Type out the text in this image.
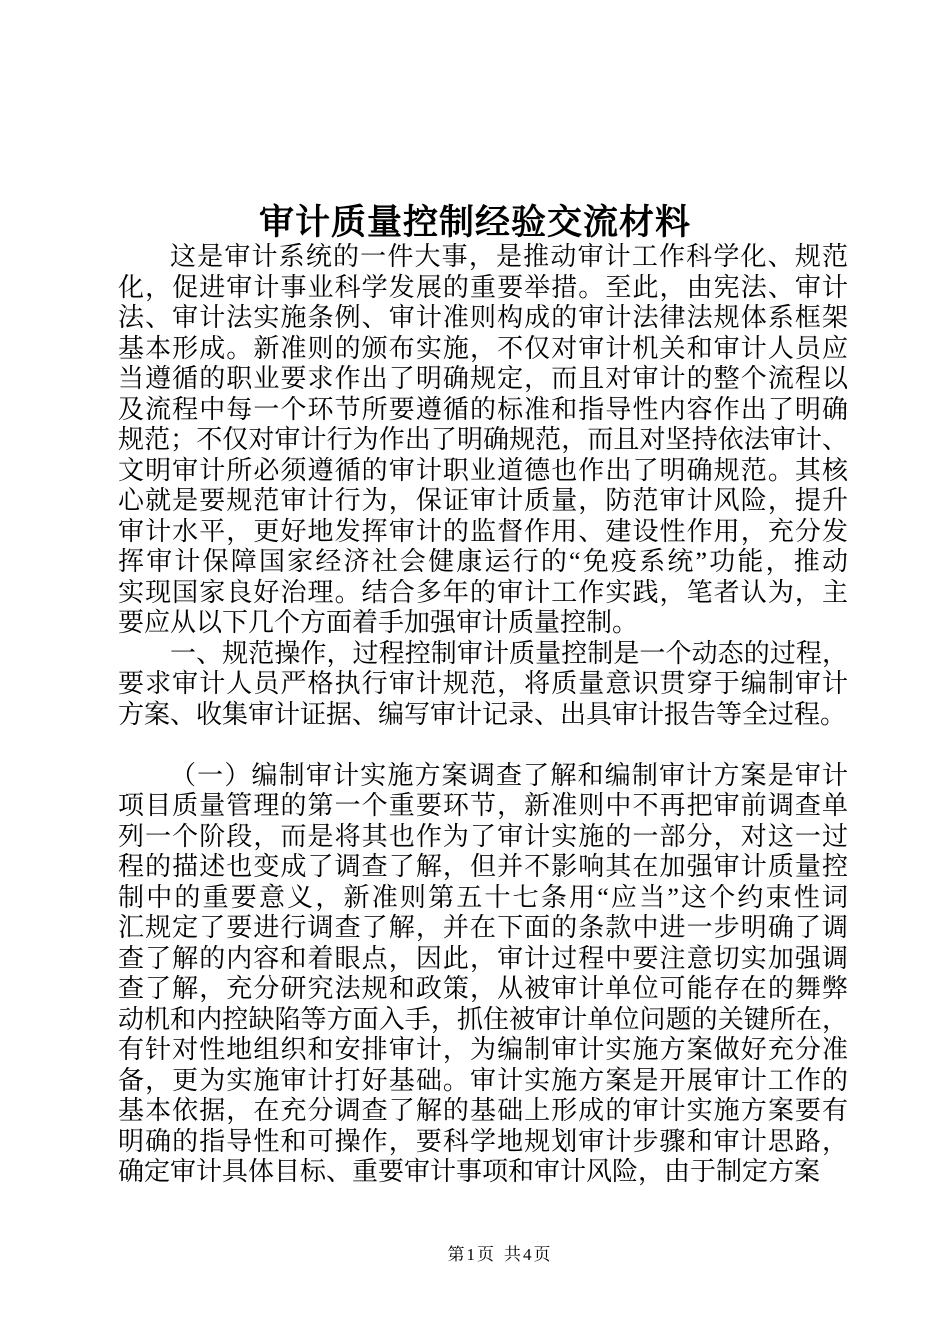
审计质量控制经验交流材料
这是审计系统的一件大事，是推动审计工作科学化、规范
化，促进审计事业科学发展的重要举措。至此，由宪法、审计
法、审计法实施条例、审计准则构成的审计法律法规体系框架
基本形成。新准则的颁布实施，不仅对审计机关和审计人员应
当遵循的职业要求作出了明确规定，而且对审计的整个流程以
及流程中每一个环节所要遵循的标准和指导性内容作出了明确
规范；不仅对审计行为作出了明确规范，而且对坚持依法审计、
文明审计所必须遵循的审计职业道德也作出了明确规范。其核
心就是要规范审计行为，保证审计质量，防范审计风险，提升
审计水平，更好地发挥审计的监督作用、建设性作用，充分发
挥审计保障国家经济社会健康运行的“免疫系统”功能，推动
实现国家良好治理。结合多年的审计工作实践，笔者认为，主
要应从以下几个方面着手加强审计质量控制。
一、规范操作，过程控制审计质量控制是一个动态的过程，
要求审计人员严格执行审计规范，将质量意识贯穿于编制审计
方案、收集审计证据、编写审计记录、出具审计报告等全过程。
（一）编制审计实施方案调查了解和编制审计方案是审计
项目质量管理的第一个重要环节，新准则中不再把审前调查单
列一个阶段，而是将其也作为了审计实施的一部分，对这一过
程的描述也变成了调查了解，但并不影响其在加强审计质量控
制中的重要意义，新准则第五十七条用“应当”这个约束性词
汇规定了要进行调查了解，并在下面的条款中进一步明确了调
查了解的内容和着眼点，因此，审计过程中要注意切实加强调
查了解，充分研究法规和政策，从被审计单位可能存在的舞弊
动机和内控缺陷等方面入手，抓住被审计单位问题的关键所在，
有针对性地组织和安排审计，为编制审计实施方案做好充分准
备，更为实施审计打好基础。审计实施方案是开展审计工作的
基本依据，在充分调查了解的基础上形成的审计实施方案要有
明确的指导性和可操作，要科学地规划审计步骤和审计思路，
确定审计具体目标、重要审计事项和审计风险，由于制定方案
第1页 共4页
